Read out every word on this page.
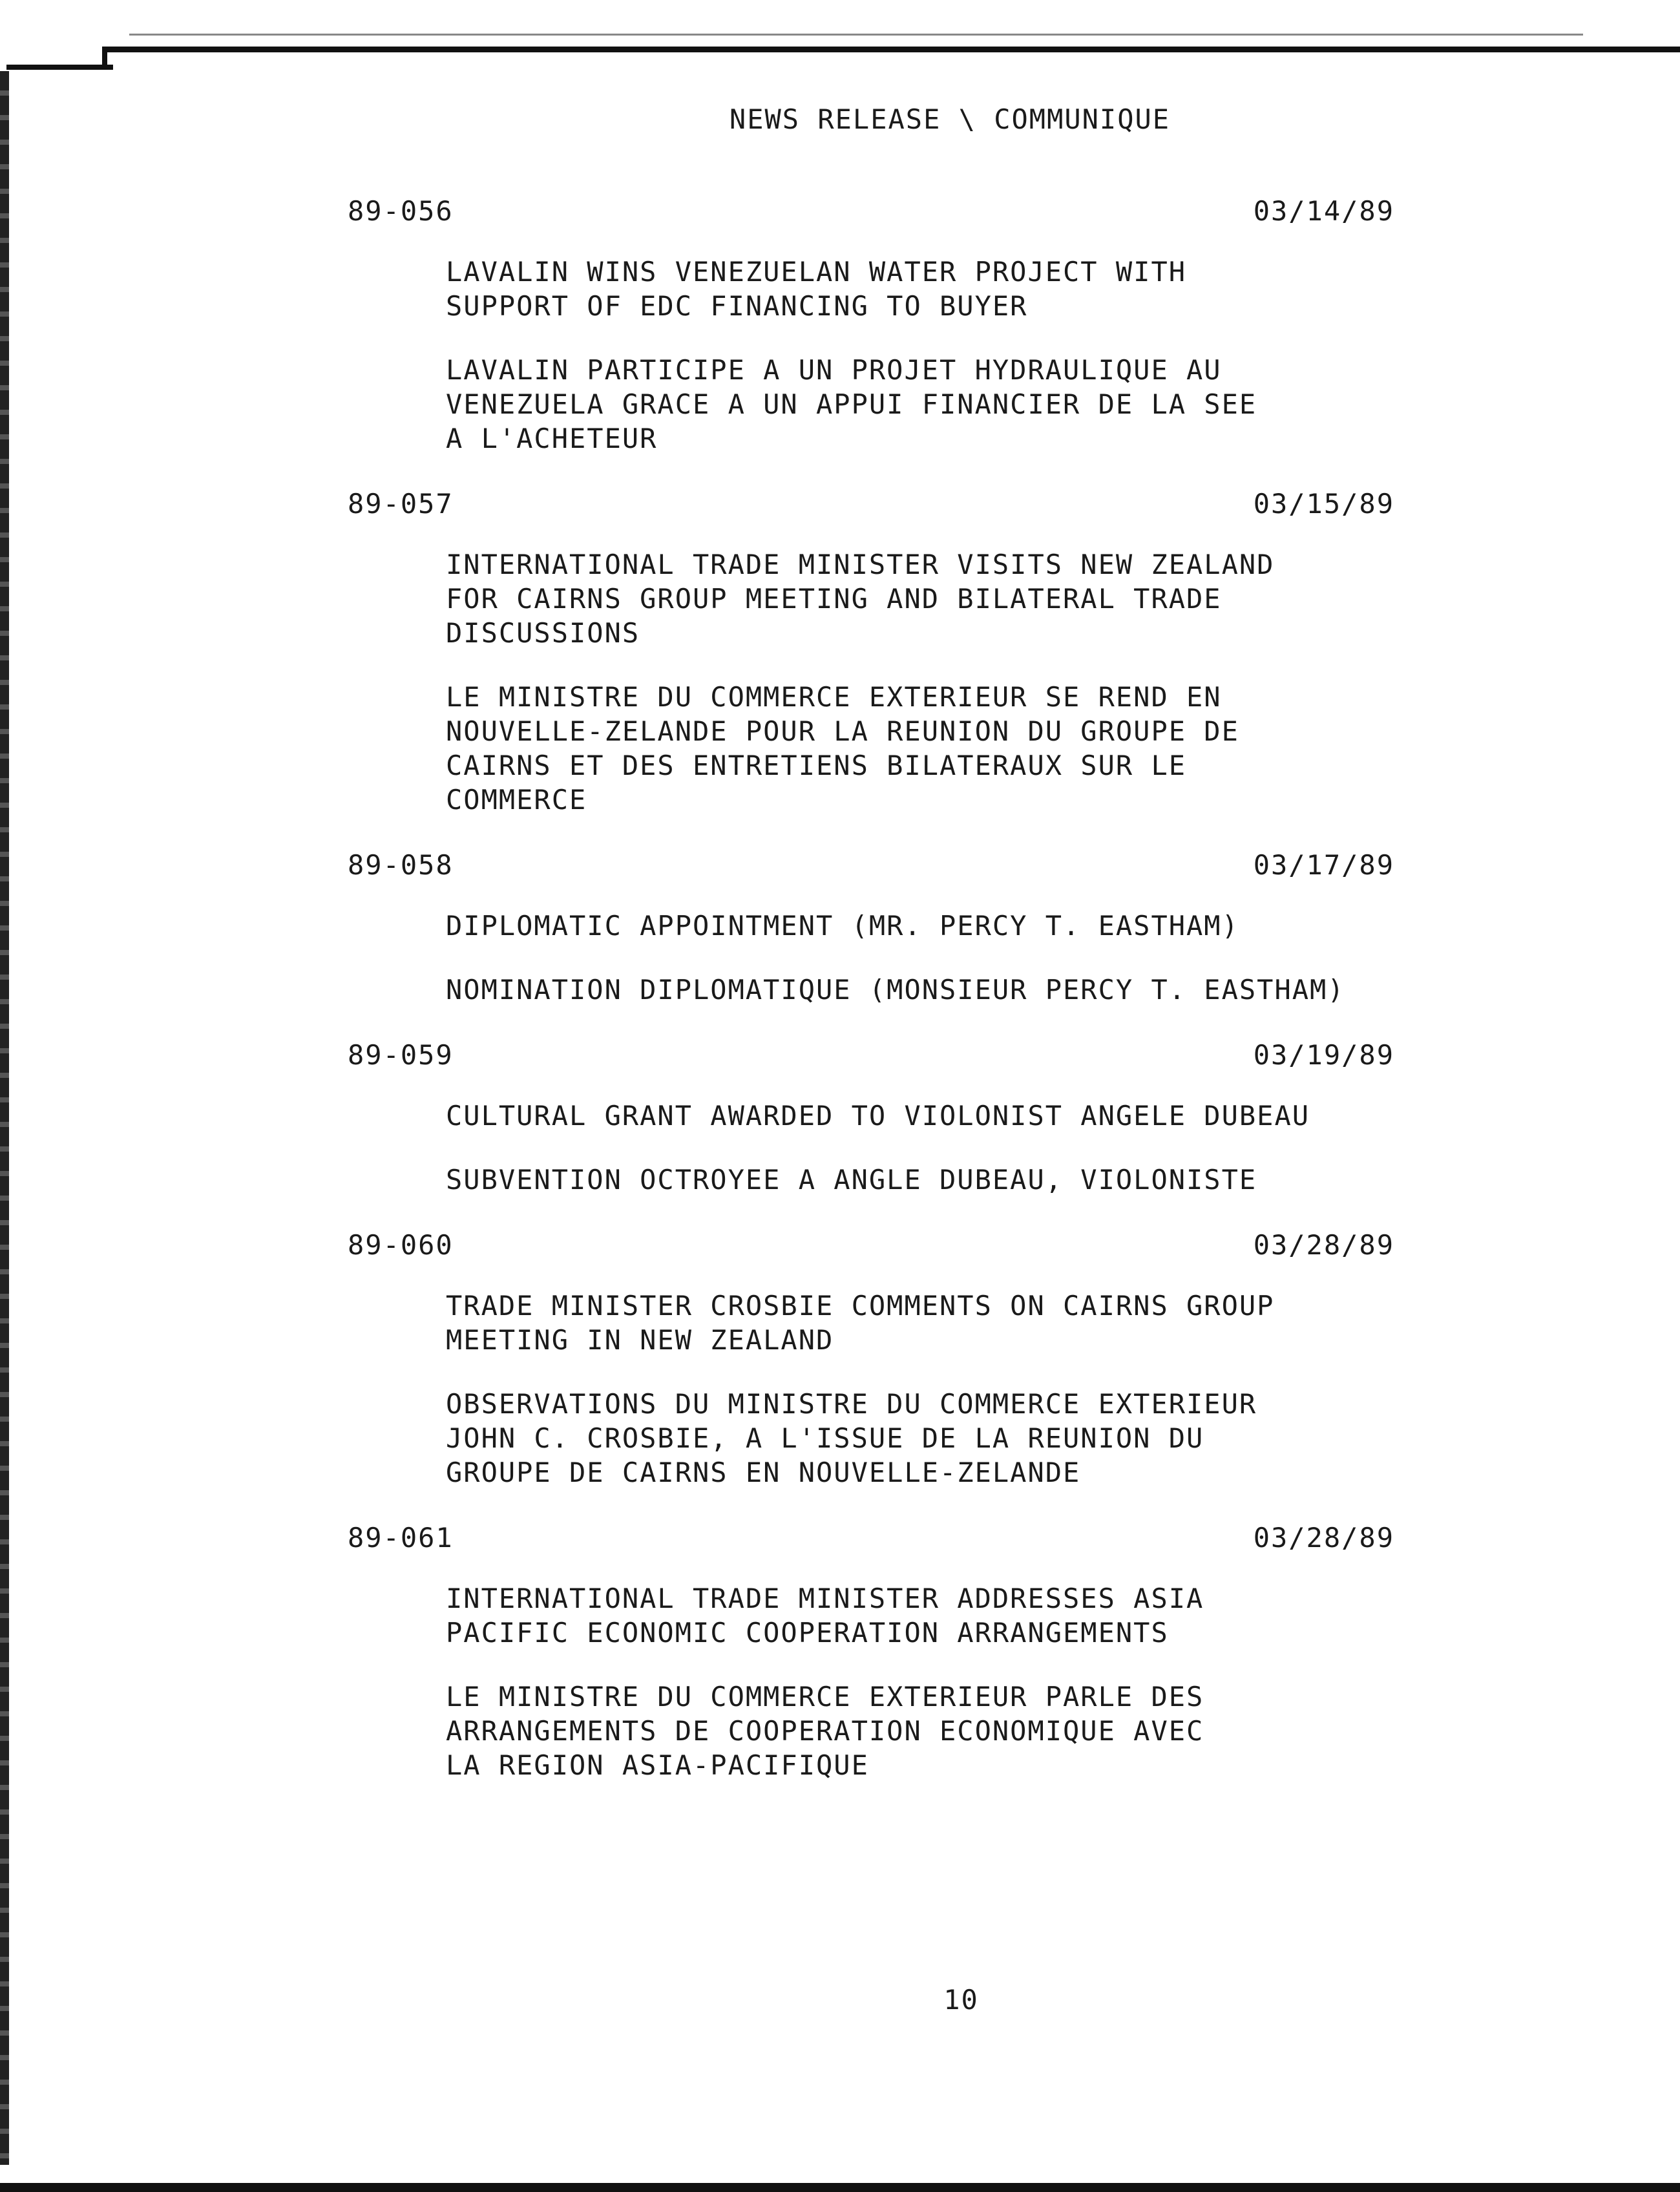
NEWS RELEASE \ COMMUNIQUE
89-056	03/14/89
LAVALIN WINS VENEZUELAN WATER PROJECT WITH
SUPPORT OF EDC FINANCING TO BUYER
LAVALIN PARTICIPE A UN PROJET HYDRAULIQUE AU
VENEZUELA GRACE A UN APPUI FINANCIER DE LA SEE
A L'ACHETEUR
89-057	03/15/89
INTERNATIONAL TRADE MINISTER VISITS NEW ZEALAND
FOR CAIRNS GROUP MEETING AND BILATERAL TRADE
DISCUSSIONS
LE MINISTRE DU COMMERCE EXTERIEUR SE REND EN
NOUVELLE-ZELANDE POUR LA REUNION DU GROUPE DE
CAIRNS ET DES ENTRETIENS BILATERAUX SUR LE
COMMERCE
89-058	03/17/89
DIPLOMATIC APPOINTMENT (MR. PERCY T. EASTHAM)
NOMINATION DIPLOMATIQUE (MONSIEUR PERCY T. EASTHAM)
89-059	03/19/89
CULTURAL GRANT AWARDED TO VIOLONIST ANGELE DUBEAU
SUBVENTION OCTROYEE A ANGLE DUBEAU, VIOLONISTE
89-060	03/28/89
TRADE MINISTER CROSBIE COMMENTS ON CAIRNS GROUP
MEETING IN NEW ZEALAND
OBSERVATIONS DU MINISTRE DU COMMERCE EXTERIEUR
JOHN C. CROSBIE, A L'ISSUE DE LA REUNION DU
GROUPE DE CAIRNS EN NOUVELLE-ZELANDE
89-061	03/28/89
INTERNATIONAL TRADE MINISTER ADDRESSES ASIA
PACIFIC ECONOMIC COOPERATION ARRANGEMENTS
LE MINISTRE DU COMMERCE EXTERIEUR PARLE DES
ARRANGEMENTS DE COOPERATION ECONOMIQUE AVEC
LA REGION ASIA-PACIFIQUE
10
